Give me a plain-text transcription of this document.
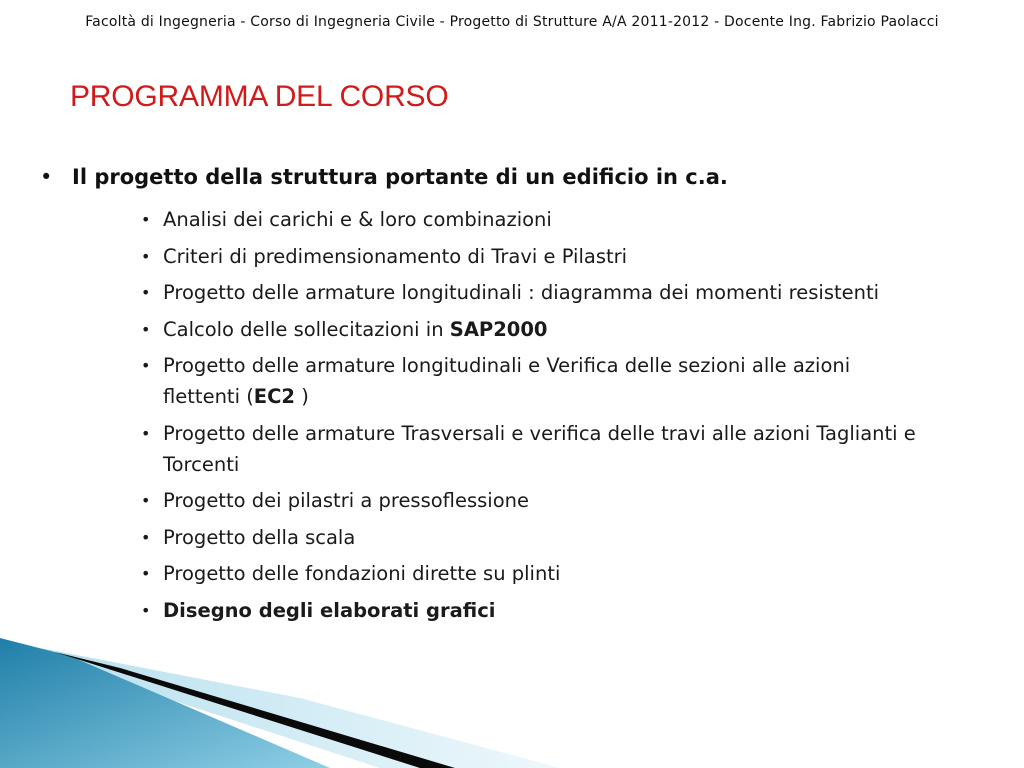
Facoltà di Ingegneria - Corso di Ingegneria Civile - Progetto di Strutture A/A 2011-2012 - Docente Ing. Fabrizio Paolacci
PROGRAMMA DEL CORSO
• Il progetto della struttura portante di un edificio in c.a.
• Analisi dei carichi e & loro combinazioni
• Criteri di predimensionamento di Travi e Pilastri
• Progetto delle armature longitudinali : diagramma dei momenti resistenti
• Calcolo delle sollecitazioni in SAP2000
• Progetto delle armature longitudinali e Verifica delle sezioni alle azioni flettenti (EC2 )
• Progetto delle armature Trasversali e verifica delle travi alle azioni Taglianti e Torcenti
• Progetto dei pilastri a pressoflessione
• Progetto della scala
• Progetto delle fondazioni dirette su plinti
• Disegno degli elaborati grafici
